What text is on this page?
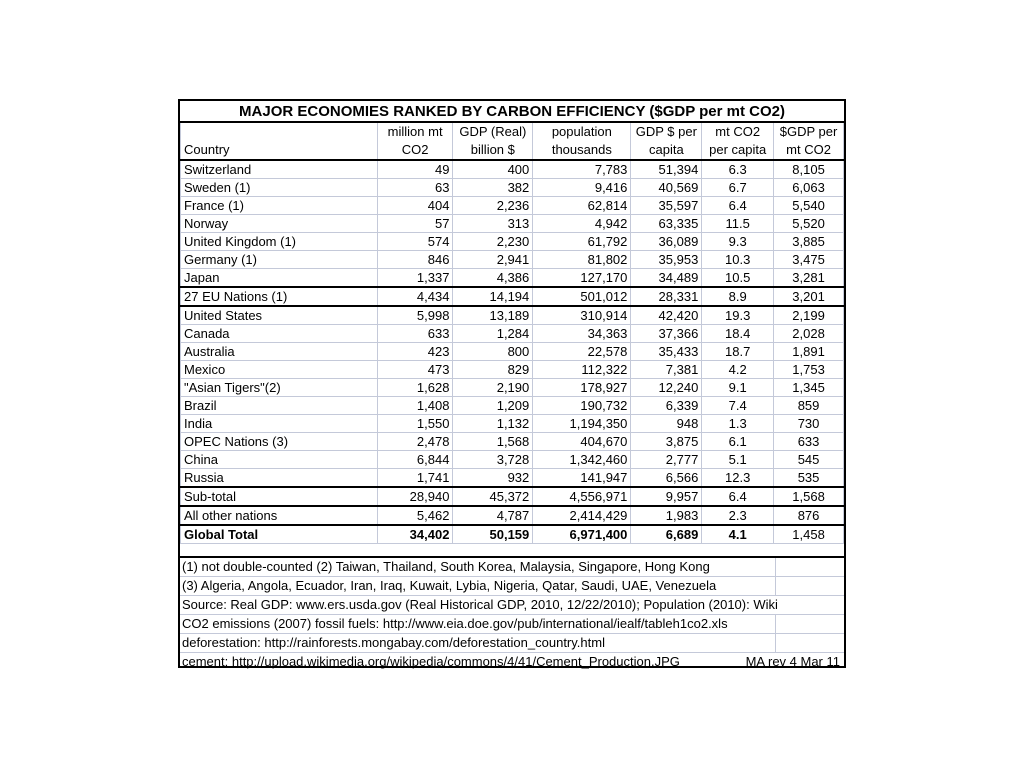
MAJOR ECONOMIES RANKED BY CARBON EFFICIENCY ($GDP per mt CO2)
	million mt	GDP (Real)	population	GDP $ per	mt CO2	$GDP per
Country	CO2	billion $	thousands	capita	per capita	mt CO2
Switzerland	49	400	7,783	51,394	6.3	8,105
Sweden (1)	63	382	9,416	40,569	6.7	6,063
France (1)	404	2,236	62,814	35,597	6.4	5,540
Norway	57	313	4,942	63,335	11.5	5,520
United Kingdom (1)	574	2,230	61,792	36,089	9.3	3,885
Germany (1)	846	2,941	81,802	35,953	10.3	3,475
Japan	1,337	4,386	127,170	34,489	10.5	3,281
27 EU Nations (1)	4,434	14,194	501,012	28,331	8.9	3,201
United States	5,998	13,189	310,914	42,420	19.3	2,199
Canada	633	1,284	34,363	37,366	18.4	2,028
Australia	423	800	22,578	35,433	18.7	1,891
Mexico	473	829	112,322	7,381	4.2	1,753
"Asian Tigers"(2)	1,628	2,190	178,927	12,240	9.1	1,345
Brazil	1,408	1,209	190,732	6,339	7.4	859
India	1,550	1,132	1,194,350	948	1.3	730
OPEC Nations (3)	2,478	1,568	404,670	3,875	6.1	633
China	6,844	3,728	1,342,460	2,777	5.1	545
Russia	1,741	932	141,947	6,566	12.3	535
Sub-total	28,940	45,372	4,556,971	9,957	6.4	1,568
All other nations	5,462	4,787	2,414,429	1,983	2.3	876
Global Total	34,402	50,159	6,971,400	6,689	4.1	1,458
(1) not double-counted (2) Taiwan, Thailand, South Korea, Malaysia, Singapore, Hong Kong
(3) Algeria, Angola, Ecuador, Iran, Iraq, Kuwait, Lybia, Nigeria, Qatar, Saudi, UAE, Venezuela
Source: Real GDP: www.ers.usda.gov (Real Historical GDP, 2010, 12/22/2010); Population (2010): Wiki
CO2 emissions (2007) fossil fuels: http://www.eia.doe.gov/pub/international/iealf/tableh1co2.xls
deforestation: http://rainforests.mongabay.com/deforestation_country.html
cement: http://upload.wikimedia.org/wikipedia/commons/4/41/Cement_Production.JPG	MA rev 4 Mar 11
